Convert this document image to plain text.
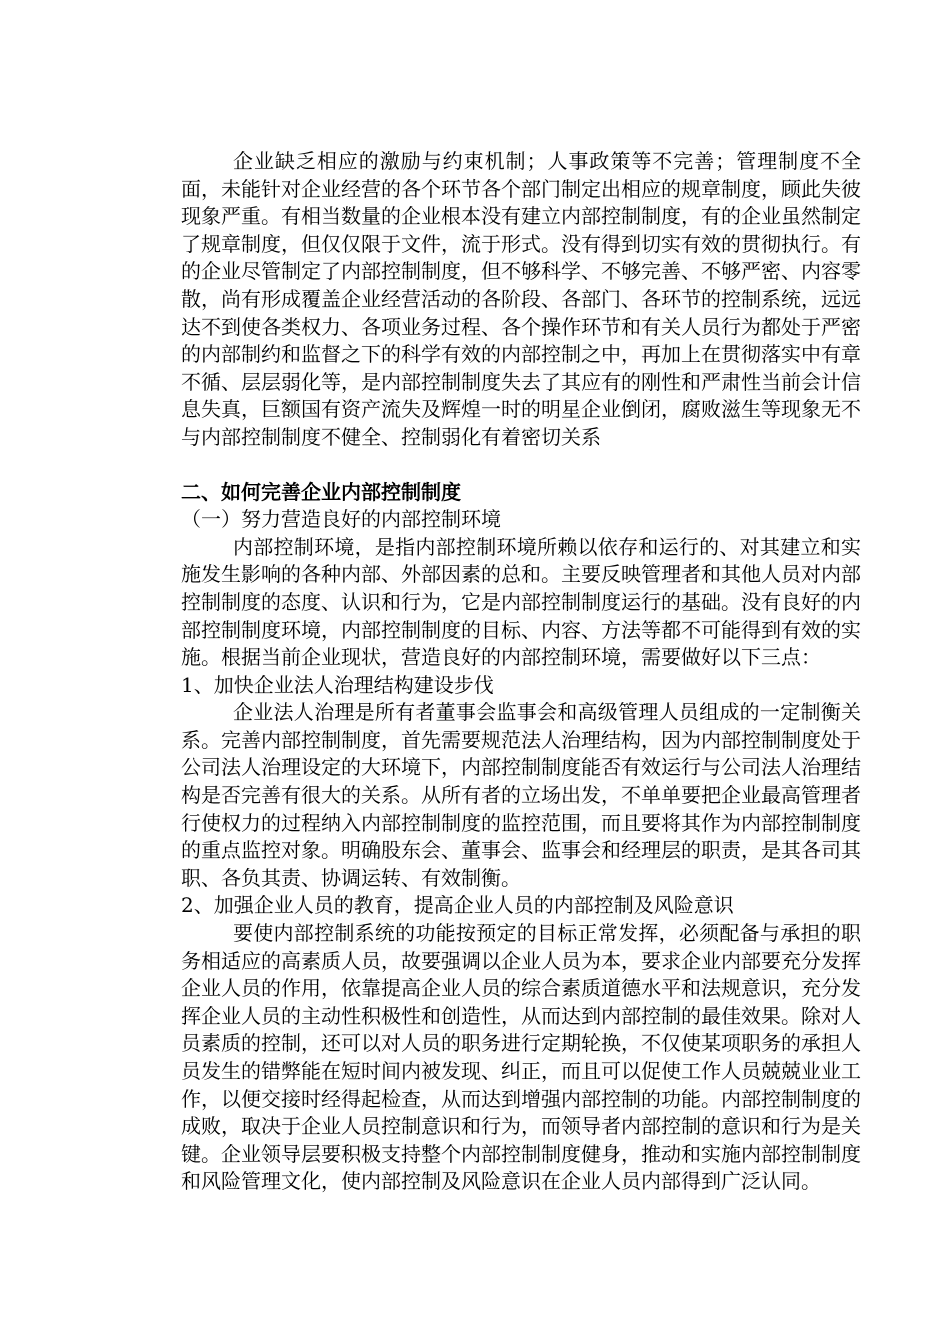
企业缺乏相应的激励与约束机制；人事政策等不完善；管理制度不全面，未能针对企业经营的各个环节各个部门制定出相应的规章制度，顾此失彼现象严重。有相当数量的企业根本没有建立内部控制制度，有的企业虽然制定了规章制度，但仅仅限于文件，流于形式。没有得到切实有效的贯彻执行。有的企业尽管制定了内部控制制度，但不够科学、不够完善、不够严密、内容零散，尚有形成覆盖企业经营活动的各阶段、各部门、各环节的控制系统，远远达不到使各类权力、各项业务过程、各个操作环节和有关人员行为都处于严密的内部制约和监督之下的科学有效的内部控制之中，再加上在贯彻落实中有章不循、层层弱化等，是内部控制制度失去了其应有的刚性和严肃性当前会计信息失真，巨额国有资产流失及辉煌一时的明星企业倒闭，腐败滋生等现象无不与内部控制制度不健全、控制弱化有着密切关系

二、如何完善企业内部控制制度

（一）努力营造良好的内部控制环境

内部控制环境，是指内部控制环境所赖以依存和运行的、对其建立和实施发生影响的各种内部、外部因素的总和。主要反映管理者和其他人员对内部控制制度的态度、认识和行为，它是内部控制制度运行的基础。没有良好的内部控制制度环境，内部控制制度的目标、内容、方法等都不可能得到有效的实施。根据当前企业现状，营造良好的内部控制环境，需要做好以下三点：

1、加快企业法人治理结构建设步伐

企业法人治理是所有者董事会监事会和高级管理人员组成的一定制衡关系。完善内部控制制度，首先需要规范法人治理结构，因为内部控制制度处于公司法人治理设定的大环境下，内部控制制度能否有效运行与公司法人治理结构是否完善有很大的关系。从所有者的立场出发，不单单要把企业最高管理者行使权力的过程纳入内部控制制度的监控范围，而且要将其作为内部控制制度的重点监控对象。明确股东会、董事会、监事会和经理层的职责，是其各司其职、各负其责、协调运转、有效制衡。

2、加强企业人员的教育，提高企业人员的内部控制及风险意识

要使内部控制系统的功能按预定的目标正常发挥，必须配备与承担的职务相适应的高素质人员，故要强调以企业人员为本，要求企业内部要充分发挥企业人员的作用，依靠提高企业人员的综合素质道德水平和法规意识，充分发挥企业人员的主动性积极性和创造性，从而达到内部控制的最佳效果。除对人员素质的控制，还可以对人员的职务进行定期轮换，不仅使某项职务的承担人员发生的错弊能在短时间内被发现、纠正，而且可以促使工作人员兢兢业业工作，以便交接时经得起检查，从而达到增强内部控制的功能。内部控制制度的成败，取决于企业人员控制意识和行为，而领导者内部控制的意识和行为是关键。企业领导层要积极支持整个内部控制制度健身，推动和实施内部控制制度和风险管理文化，使内部控制及风险意识在企业人员内部得到广泛认同。
